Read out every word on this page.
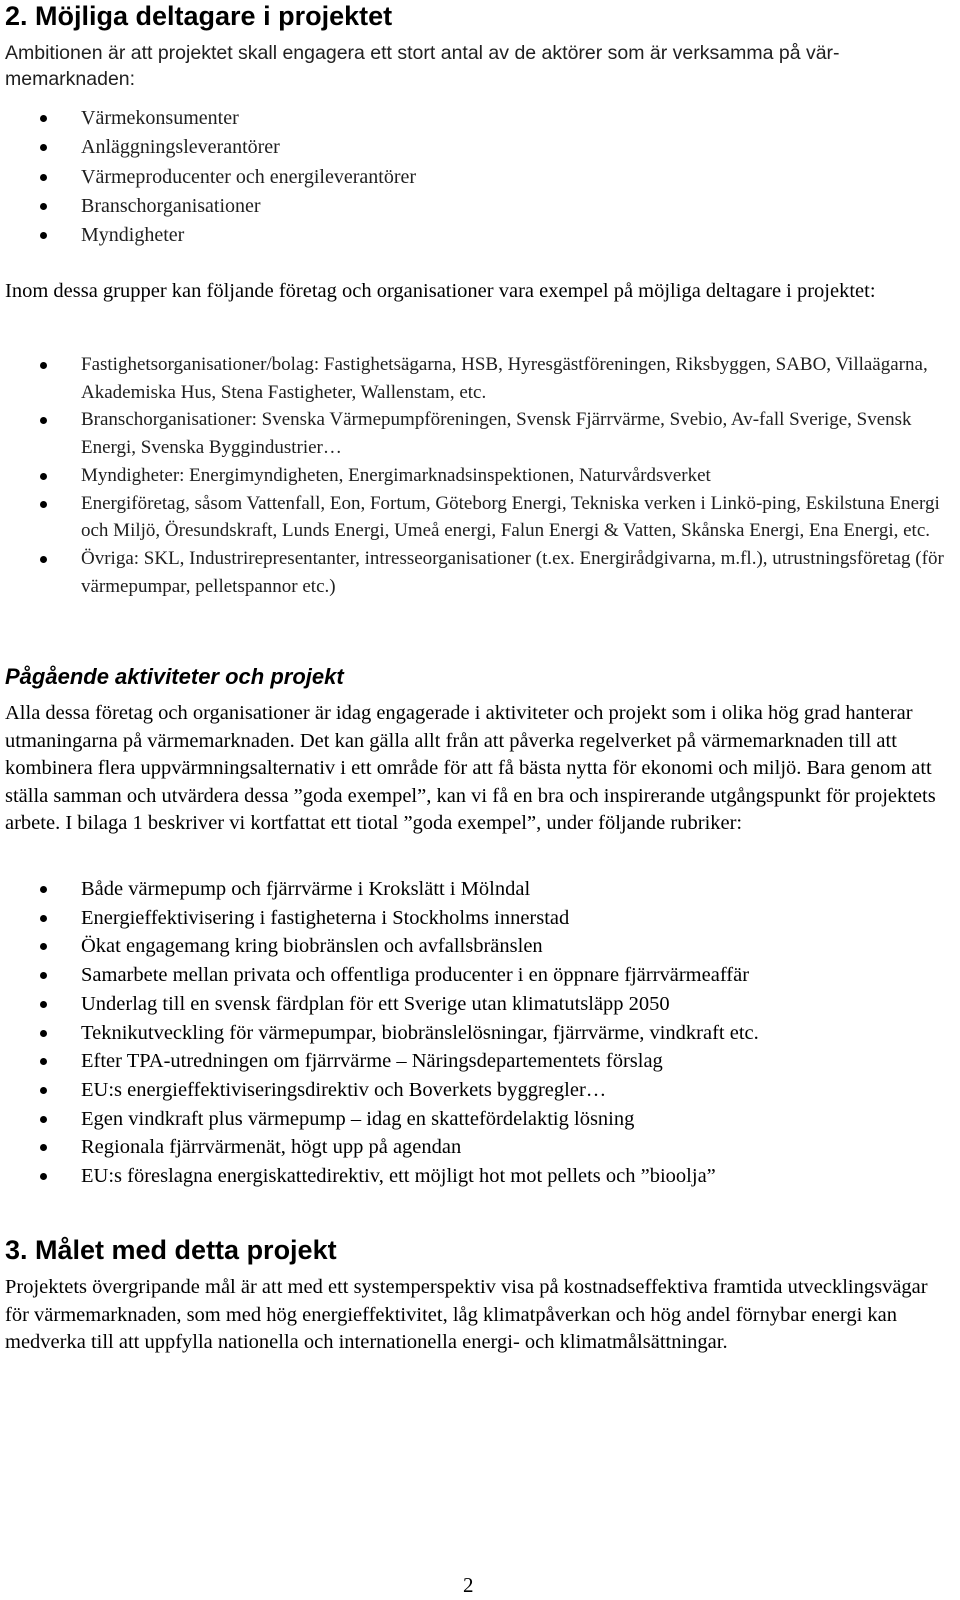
2. Möjliga deltagare i projektet

Ambitionen är att projektet skall engagera ett stort antal av de aktörer som är verksamma på vär-memarknaden:

Värmekonsumenter
Anläggningsleverantörer
Värmeproducenter och energileverantörer
Branschorganisationer
Myndigheter

Inom dessa grupper kan följande företag och organisationer vara exempel på möjliga deltagare i projektet:

Fastighetsorganisationer/bolag: Fastighetsägarna, HSB, Hyresgästföreningen, Riksbyggen, SABO, Villaägarna, Akademiska Hus, Stena Fastigheter, Wallenstam, etc.
Branschorganisationer: Svenska Värmepumpföreningen, Svensk Fjärrvärme, Svebio, Av-fall Sverige, Svensk Energi, Svenska Byggindustrier…
Myndigheter: Energimyndigheten, Energimarknadsinspektionen, Naturvårdsverket
Energiföretag, såsom Vattenfall, Eon, Fortum, Göteborg Energi, Tekniska verken i Linkö-ping, Eskilstuna Energi och Miljö, Öresundskraft, Lunds Energi, Umeå energi, Falun Energi & Vatten, Skånska Energi, Ena Energi, etc.
Övriga: SKL, Industrirepresentanter, intresseorganisationer (t.ex. Energirådgivarna, m.fl.), utrustningsföretag (för värmepumpar, pelletspannor etc.)
Pågående aktiviteter och projekt

Alla dessa företag och organisationer är idag engagerade i aktiviteter och projekt som i olika hög grad hanterar utmaningarna på värmemarknaden. Det kan gälla allt från att påverka regelverket på värmemarknaden till att kombinera flera uppvärmningsalternativ i ett område för att få bästa nytta för ekonomi och miljö. Bara genom att ställa samman och utvärdera dessa ”goda exempel”, kan vi få en bra och inspirerande utgångspunkt för projektets arbete. I bilaga 1 beskriver vi kortfattat ett tiotal ”goda exempel”, under följande rubriker:

Både värmepump och fjärrvärme i Krokslätt i Mölndal
Energieffektivisering i fastigheterna i Stockholms innerstad
Ökat engagemang kring biobränslen och avfallsbränslen
Samarbete mellan privata och offentliga producenter i en öppnare fjärrvärmeaffär
Underlag till en svensk färdplan för ett Sverige utan klimatutsläpp 2050
Teknikutveckling för värmepumpar, biobränslelösningar, fjärrvärme, vindkraft etc.
Efter TPA-utredningen om fjärrvärme – Näringsdepartementets förslag
EU:s energieffektiviseringsdirektiv och Boverkets byggregler…
Egen vindkraft plus värmepump – idag en skattefördelaktig lösning
Regionala fjärrvärmenät, högt upp på agendan
EU:s föreslagna energiskattedirektiv, ett möjligt hot mot pellets och ”bioolja”
3. Målet med detta projekt

Projektets övergripande mål är att med ett systemperspektiv visa på kostnadseffektiva framtida utvecklingsvägar för värmemarknaden, som med hög energieffektivitet, låg klimatpåverkan och hög andel förnybar energi kan medverka till att uppfylla nationella och internationella energi- och klimatmålsättningar.

2
